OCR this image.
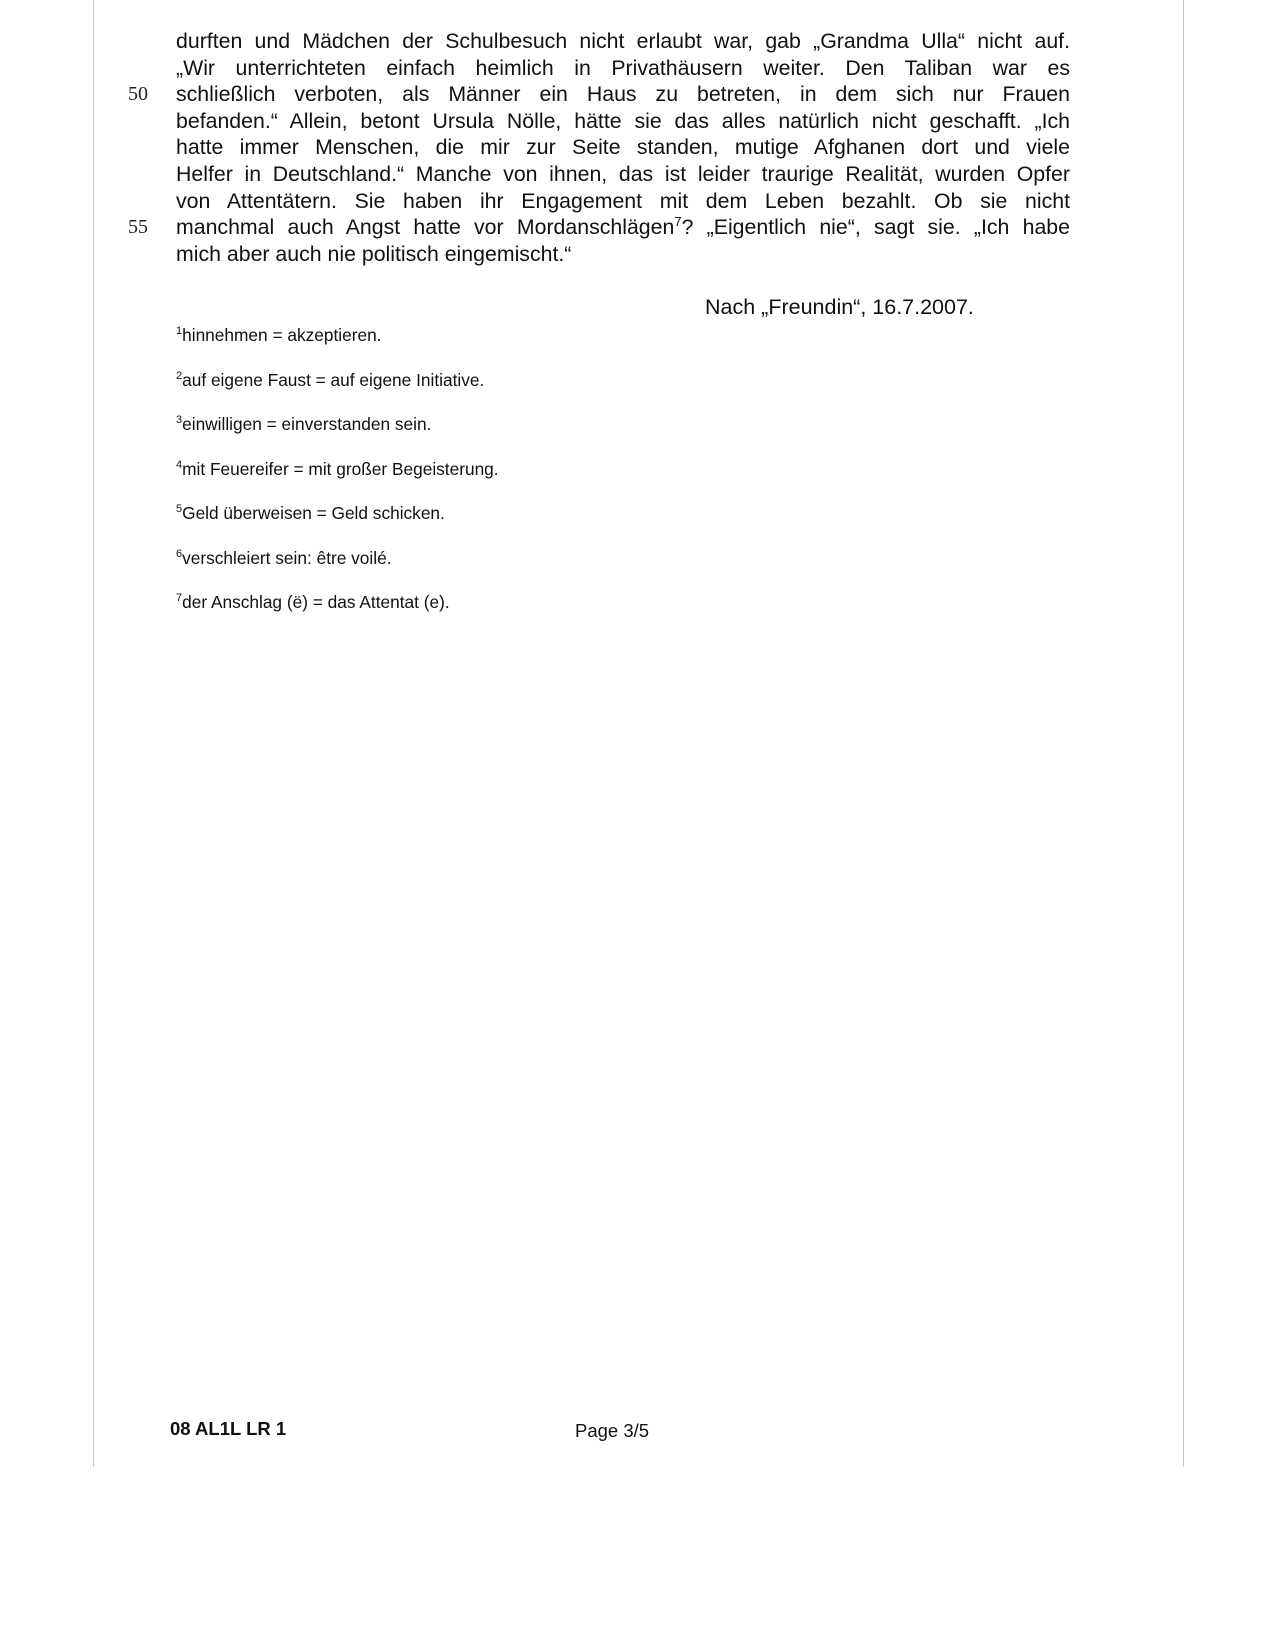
durften und Mädchen der Schulbesuch nicht erlaubt war, gab „Grandma Ulla“ nicht auf.
„Wir unterrichteten einfach heimlich in Privathäusern weiter. Den Taliban war es
50 schließlich verboten, als Männer ein Haus zu betreten, in dem sich nur Frauen
befanden.“ Allein, betont Ursula Nölle, hätte sie das alles natürlich nicht geschafft. „Ich
hatte immer Menschen, die mir zur Seite standen, mutige Afghanen dort und viele
Helfer in Deutschland.“ Manche von ihnen, das ist leider traurige Realität, wurden Opfer
von Attentätern. Sie haben ihr Engagement mit dem Leben bezahlt. Ob sie nicht
55 manchmal auch Angst hatte vor Mordanschlägen$^7$? „Eigentlich nie“, sagt sie. „Ich habe
mich aber auch nie politisch eingemischt.“
Nach „Freundin“, 16.7.2007.
$^1$hinnehmen = akzeptieren.
$^2$auf eigene Faust = auf eigene Initiative.
$^3$einwilligen = einverstanden sein.
$^4$mit Feuereifer = mit großer Begeisterung.
$^5$Geld überweisen = Geld schicken.
$^6$verschleiert sein: être voilé.
$^7$der Anschlag (ë) = das Attentat (e).
08 AL1L LR 1	Page 3/5
